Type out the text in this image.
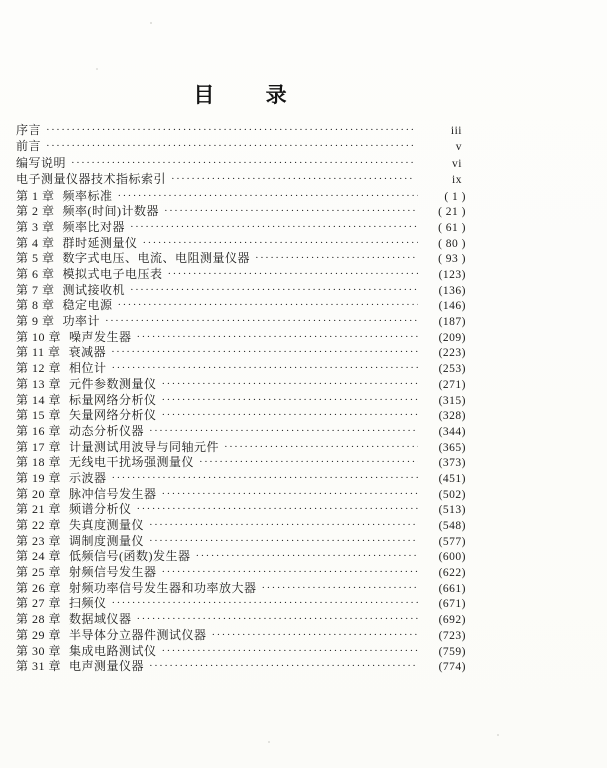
目 录
序言 ·····	iii
前言 ·····	v
编写说明 ·····	vi
电子测量仪器技术指标索引 ·····	ix
第 1 章 频率标准 ·····	( 1 )
第 2 章 频率(时间)计数器 ·····	( 21 )
第 3 章 频率比对器 ·····	( 61 )
第 4 章 群时延测量仪 ·····	( 80 )
第 5 章 数字式电压、电流、电阻测量仪器 ·····	( 93 )
第 6 章 模拟式电子电压表 ·····	(123)
第 7 章 测试接收机 ·····	(136)
第 8 章 稳定电源 ·····	(146)
第 9 章 功率计 ·····	(187)
第 10 章 噪声发生器 ·····	(209)
第 11 章 衰减器 ·····	(223)
第 12 章 相位计 ·····	(253)
第 13 章 元件参数测量仪 ·····	(271)
第 14 章 标量网络分析仪 ·····	(315)
第 15 章 矢量网络分析仪 ·····	(328)
第 16 章 动态分析仪器 ·····	(344)
第 17 章 计量测试用波导与同轴元件 ·····	(365)
第 18 章 无线电干扰场强测量仪 ·····	(373)
第 19 章 示波器 ·····	(451)
第 20 章 脉冲信号发生器 ·····	(502)
第 21 章 频谱分析仪 ·····	(513)
第 22 章 失真度测量仪 ·····	(548)
第 23 章 调制度测量仪 ·····	(577)
第 24 章 低频信号(函数)发生器 ·····	(600)
第 25 章 射频信号发生器 ·····	(622)
第 26 章 射频功率信号发生器和功率放大器 ·····	(661)
第 27 章 扫频仪 ·····	(671)
第 28 章 数据域仪器 ·····	(692)
第 29 章 半导体分立器件测试仪器 ·····	(723)
第 30 章 集成电路测试仪 ·····	(759)
第 31 章 电声测量仪器 ·····	(774)
